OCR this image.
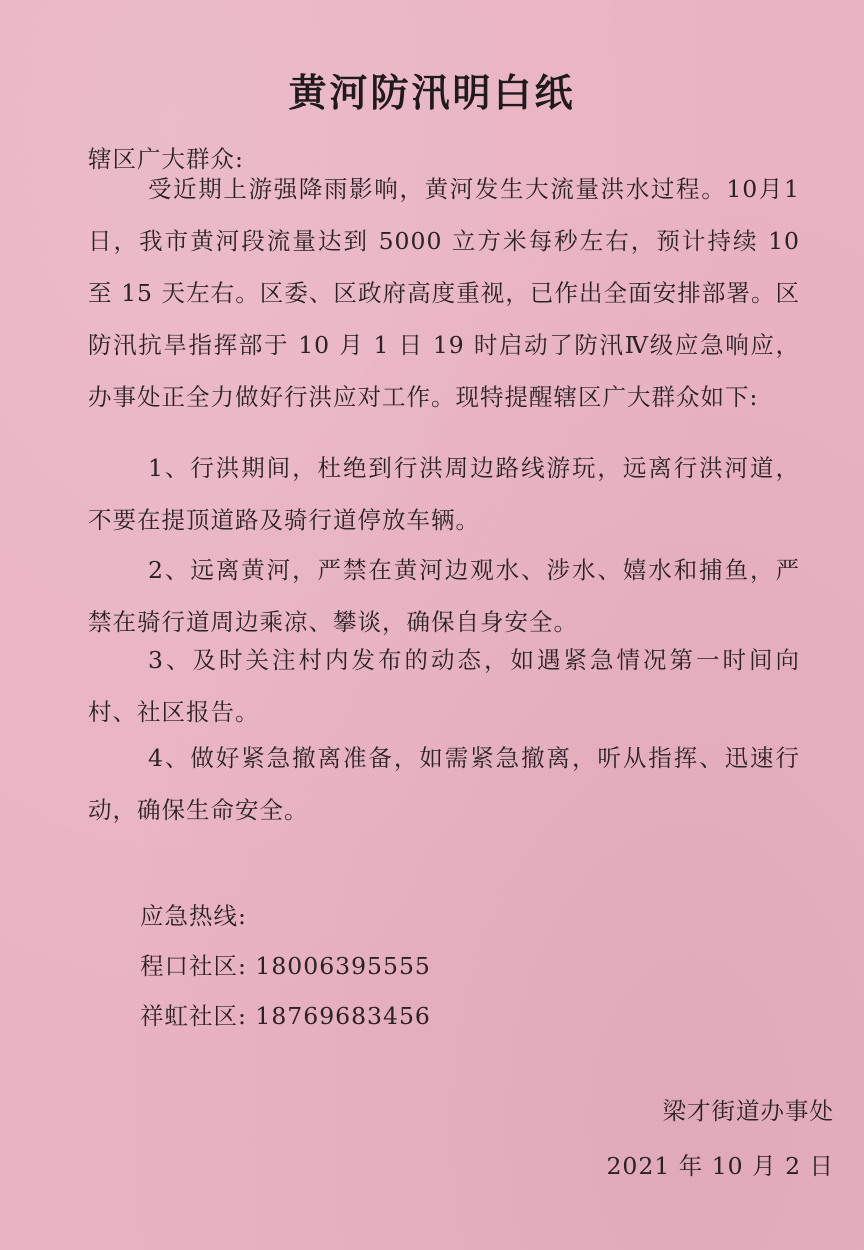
黄河防汛明白纸

辖区广大群众:

受近期上游强降雨影响，黄河发生大流量洪水过程。10月1日，我市黄河段流量达到 5000 立方米每秒左右，预计持续 10 至 15 天左右。区委、区政府高度重视，已作出全面安排部署。区防汛抗旱指挥部于 10 月 1 日 19 时启动了防汛Ⅳ级应急响应，办事处正全力做好行洪应对工作。现特提醒辖区广大群众如下:

1、行洪期间，杜绝到行洪周边路线游玩，远离行洪河道，不要在提顶道路及骑行道停放车辆。

2、远离黄河，严禁在黄河边观水、涉水、嬉水和捕鱼，严禁在骑行道周边乘凉、攀谈，确保自身安全。

3、及时关注村内发布的动态，如遇紧急情况第一时间向村、社区报告。

4、做好紧急撤离准备，如需紧急撤离，听从指挥、迅速行动，确保生命安全。

应急热线:

程口社区: 18006395555

祥虹社区: 18769683456

梁才街道办事处

2021 年 10 月 2 日
